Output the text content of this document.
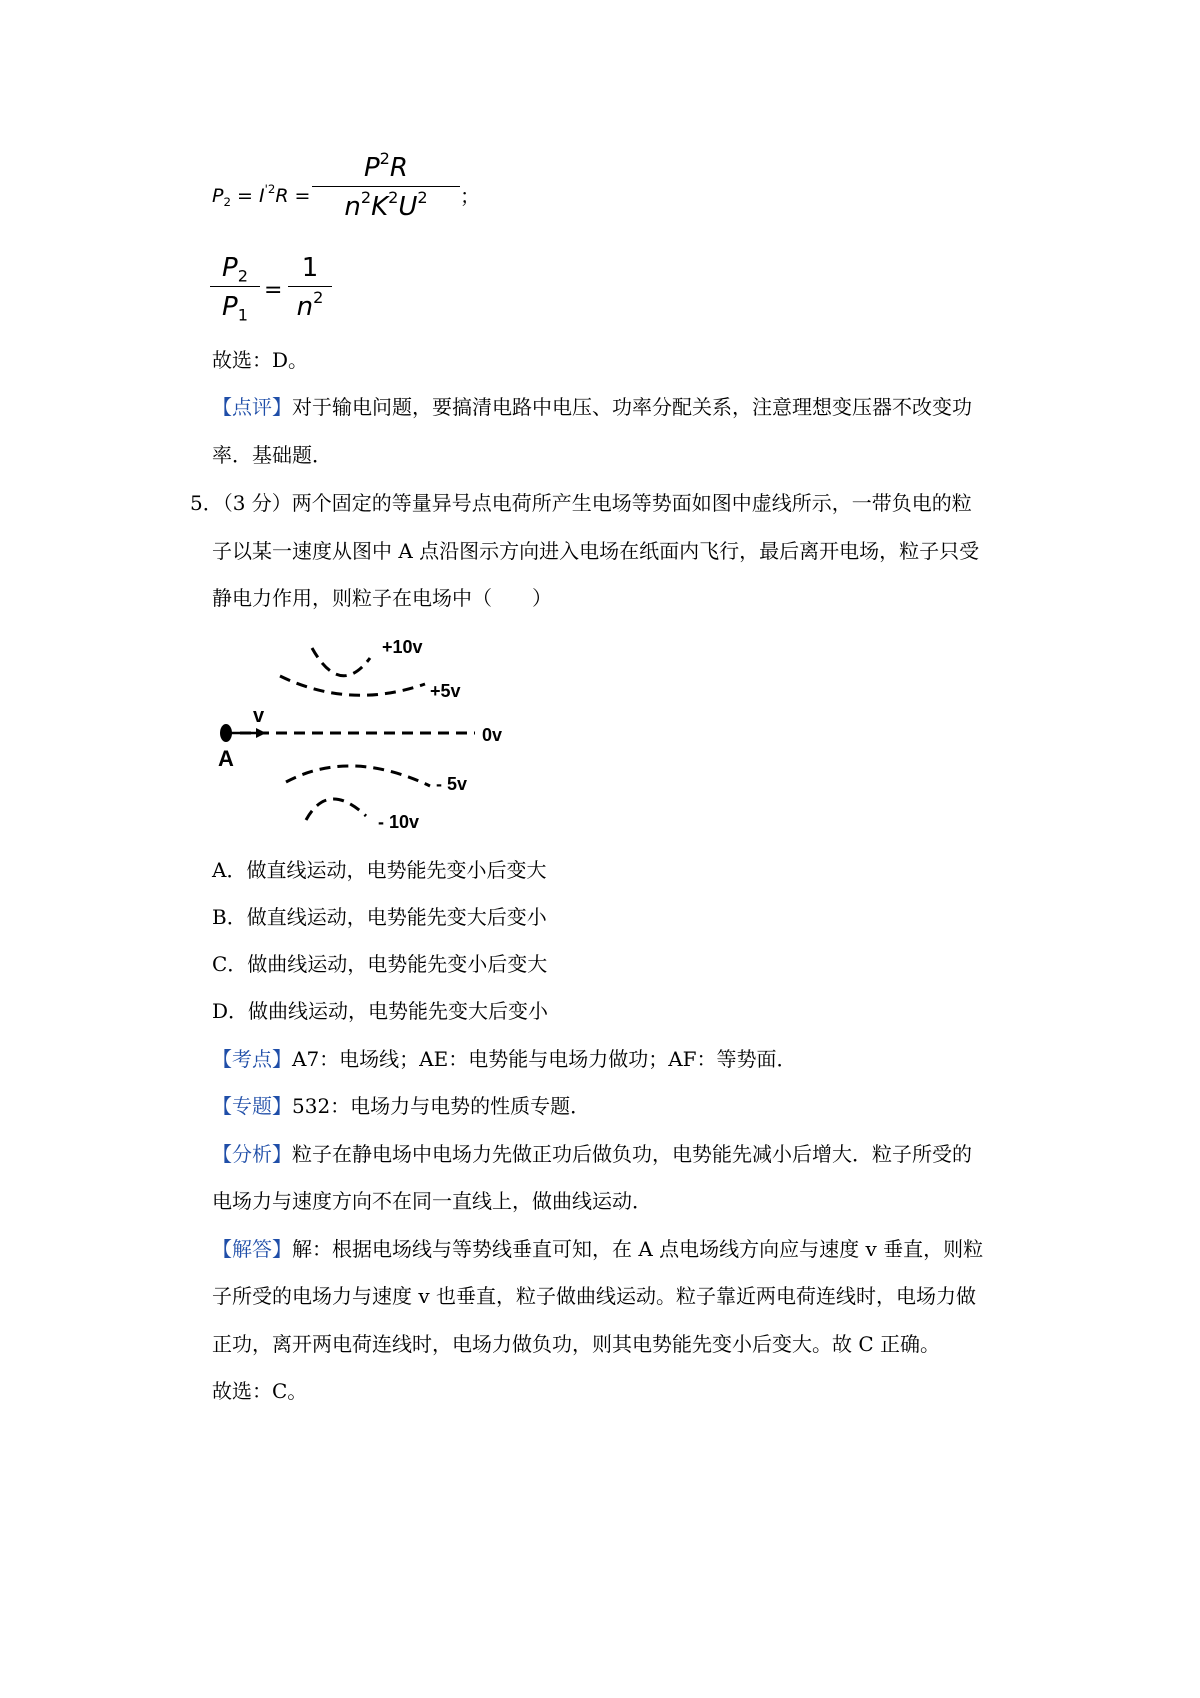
$P_2 = I^{'2}R$ =
$P^2R$
$n^2K^2U^2$	；
$P_2$
$P_1$
=
1
$n^2$
故选：D。
【点评】对于输电问题，要搞清电路中电压、功率分配关系，注意理想变压器不改变功
率．基础题．
5．（3 分）两个固定的等量异号点电荷所产生电场等势面如图中虚线所示，一带负电的粒
子以某一速度从图中 A 点沿图示方向进入电场在纸面内飞行，最后离开电场，粒子只受
静电力作用，则粒子在电场中（　　）
v
A
+10v
+5v
0v
- 5v
- 10v
A．做直线运动，电势能先变小后变大
B．做直线运动，电势能先变大后变小
C．做曲线运动，电势能先变小后变大
D．做曲线运动，电势能先变大后变小
【考点】A7：电场线；AE：电势能与电场力做功；AF：等势面．
【专题】532：电场力与电势的性质专题．
【分析】粒子在静电场中电场力先做正功后做负功，电势能先减小后增大．粒子所受的
电场力与速度方向不在同一直线上，做曲线运动．
【解答】解：根据电场线与等势线垂直可知，在 A 点电场线方向应与速度 v 垂直，则粒
子所受的电场力与速度 v 也垂直，粒子做曲线运动。粒子靠近两电荷连线时，电场力做
正功，离开两电荷连线时，电场力做负功，则其电势能先变小后变大。故 C 正确。
故选：C。
